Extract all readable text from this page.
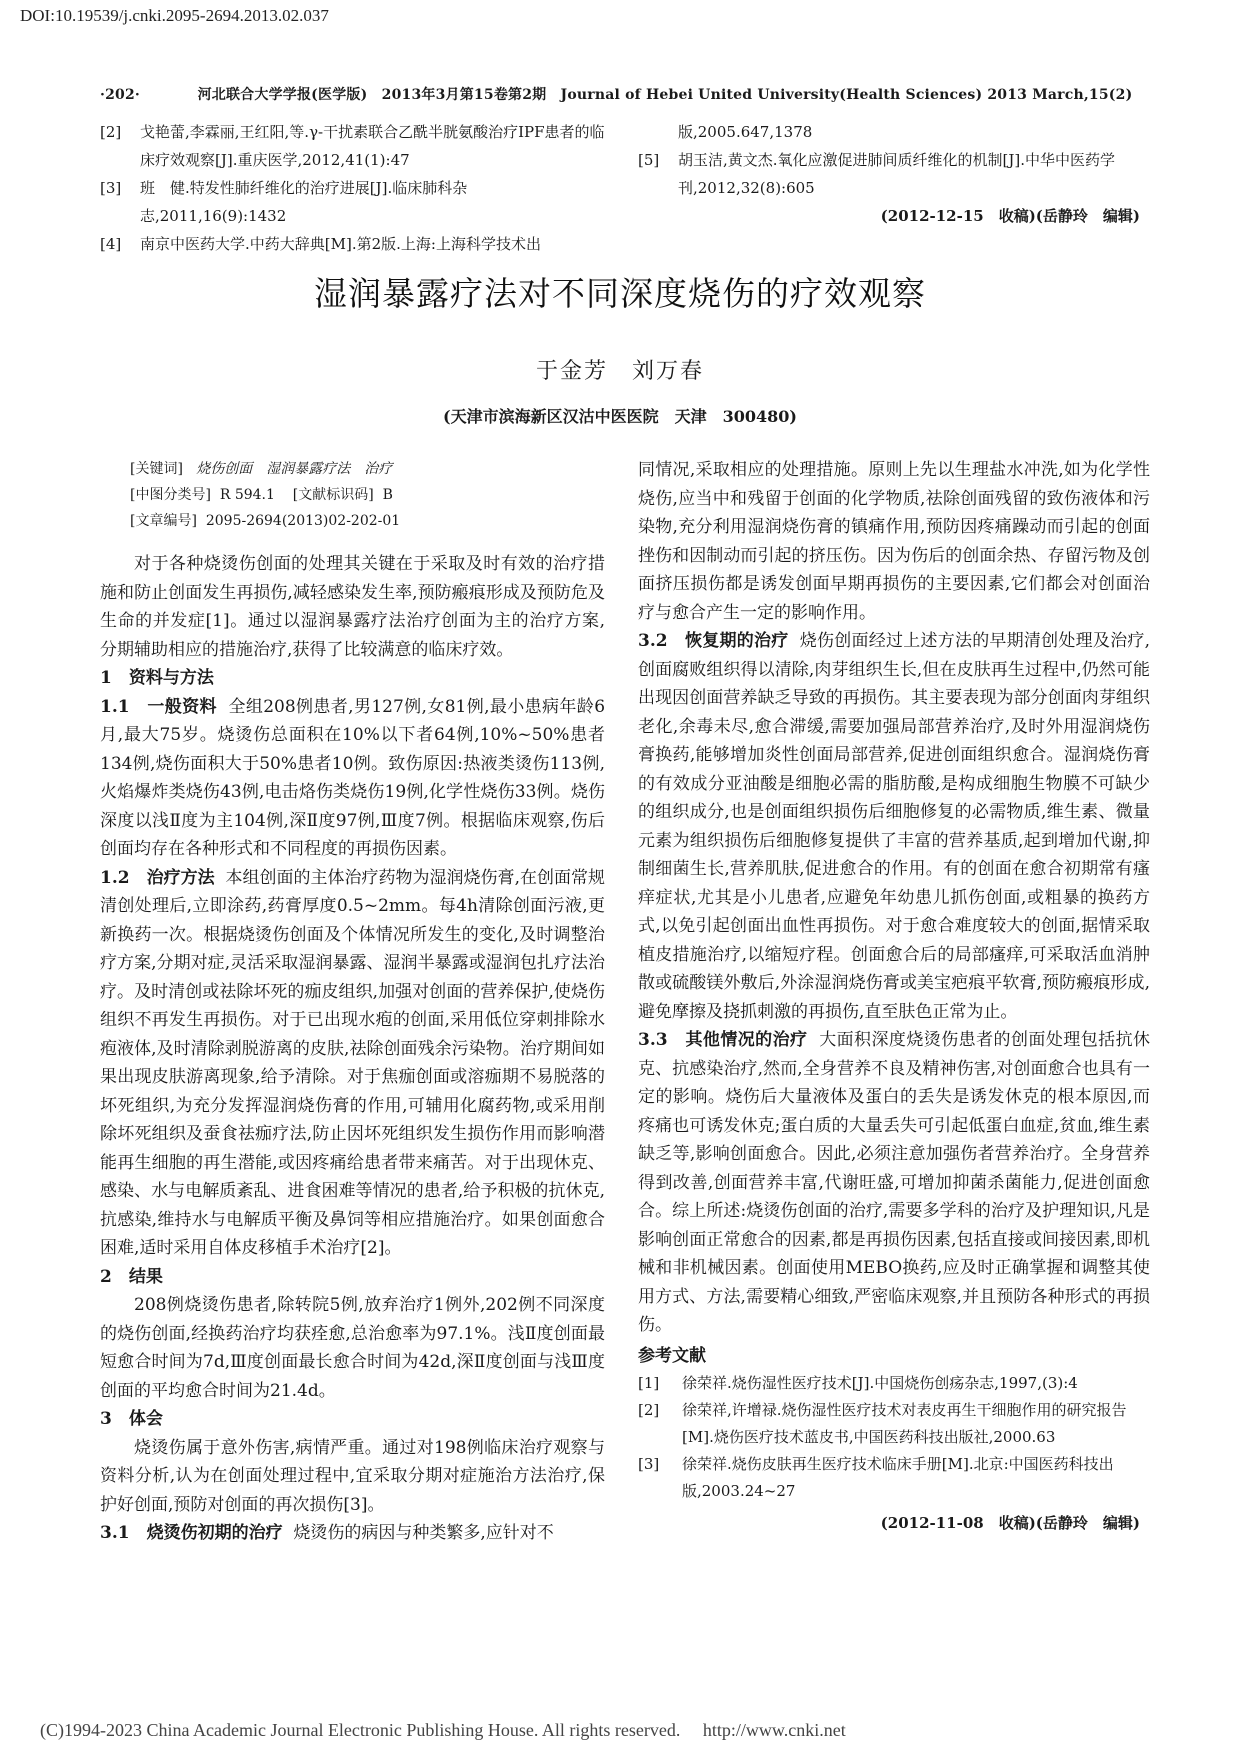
DOI:10.19539/j.cnki.2095-2694.2013.02.037
·202·	河北联合大学学报(医学版)　2013年3月第15卷第2期　Journal of Hebei United University(Health Sciences) 2013 March,15(2)
[2]	戈艳蕾,李霖丽,王红阳,等.γ-干扰素联合乙酰半胱氨酸治疗IPF患者的临床疗效观察[J].重庆医学,2012,41(1):47
[3]	班　健.特发性肺纤维化的治疗进展[J].临床肺科杂志,2011,16(9):1432
[4]	南京中医药大学.中药大辞典[M].第2版.上海:上海科学技术出
版,2005.647,1378
[5]	胡玉洁,黄文杰.氧化应激促进肺间质纤维化的机制[J].中华中医药学刊,2012,32(8):605
(2012-12-15　收稿)(岳静玲　编辑)
湿润暴露疗法对不同深度烧伤的疗效观察
于金芳　刘万春
(天津市滨海新区汉沽中医医院　天津　300480)
[关键词] 烧伤创面　湿润暴露疗法　治疗
[中图分类号] R 594.1 [文献标识码] B
[文章编号] 2095-2694(2013)02-202-01

对于各种烧烫伤创面的处理其关键在于采取及时有效的治疗措施和防止创面发生再损伤,减轻感染发生率,预防瘢痕形成及预防危及生命的并发症[1]。通过以湿润暴露疗法治疗创面为主的治疗方案,分期辅助相应的措施治疗,获得了比较满意的临床疗效。

1　资料与方法

1.1　一般资料 全组208例患者,男127例,女81例,最小患病年龄6月,最大75岁。烧烫伤总面积在10%以下者64例,10%~50%患者134例,烧伤面积大于50%患者10例。致伤原因:热液类烫伤113例,火焰爆炸类烧伤43例,电击烙伤类烧伤19例,化学性烧伤33例。烧伤深度以浅Ⅱ度为主104例,深Ⅱ度97例,Ⅲ度7例。根据临床观察,伤后创面均存在各种形式和不同程度的再损伤因素。

1.2　治疗方法 本组创面的主体治疗药物为湿润烧伤膏,在创面常规清创处理后,立即涂药,药膏厚度0.5~2mm。每4h清除创面污液,更新换药一次。根据烧烫伤创面及个体情况所发生的变化,及时调整治疗方案,分期对症,灵活采取湿润暴露、湿润半暴露或湿润包扎疗法治疗。及时清创或祛除坏死的痂皮组织,加强对创面的营养保护,使烧伤组织不再发生再损伤。对于已出现水疱的创面,采用低位穿刺排除水疱液体,及时清除剥脱游离的皮肤,祛除创面残余污染物。治疗期间如果出现皮肤游离现象,给予清除。对于焦痂创面或溶痂期不易脱落的坏死组织,为充分发挥湿润烧伤膏的作用,可辅用化腐药物,或采用削除坏死组织及蚕食祛痂疗法,防止因坏死组织发生损伤作用而影响潜能再生细胞的再生潜能,或因疼痛给患者带来痛苦。对于出现休克、感染、水与电解质紊乱、进食困难等情况的患者,给予积极的抗休克,抗感染,维持水与电解质平衡及鼻饲等相应措施治疗。如果创面愈合困难,适时采用自体皮移植手术治疗[2]。

2　结果

208例烧烫伤患者,除转院5例,放弃治疗1例外,202例不同深度的烧伤创面,经换药治疗均获痊愈,总治愈率为97.1%。浅Ⅱ度创面最短愈合时间为7d,Ⅲ度创面最长愈合时间为42d,深Ⅱ度创面与浅Ⅲ度创面的平均愈合时间为21.4d。

3　体会

烧烫伤属于意外伤害,病情严重。通过对198例临床治疗观察与资料分析,认为在创面处理过程中,宜采取分期对症施治方法治疗,保护好创面,预防对创面的再次损伤[3]。

3.1　烧烫伤初期的治疗 烧烫伤的病因与种类繁多,应针对不

同情况,采取相应的处理措施。原则上先以生理盐水冲洗,如为化学性烧伤,应当中和残留于创面的化学物质,祛除创面残留的致伤液体和污染物,充分利用湿润烧伤膏的镇痛作用,预防因疼痛躁动而引起的创面挫伤和因制动而引起的挤压伤。因为伤后的创面余热、存留污物及创面挤压损伤都是诱发创面早期再损伤的主要因素,它们都会对创面治疗与愈合产生一定的影响作用。

3.2　恢复期的治疗 烧伤创面经过上述方法的早期清创处理及治疗,创面腐败组织得以清除,肉芽组织生长,但在皮肤再生过程中,仍然可能出现因创面营养缺乏导致的再损伤。其主要表现为部分创面肉芽组织老化,余毒未尽,愈合滞缓,需要加强局部营养治疗,及时外用湿润烧伤膏换药,能够增加炎性创面局部营养,促进创面组织愈合。湿润烧伤膏的有效成分亚油酸是细胞必需的脂肪酸,是构成细胞生物膜不可缺少的组织成分,也是创面组织损伤后细胞修复的必需物质,维生素、微量元素为组织损伤后细胞修复提供了丰富的营养基质,起到增加代谢,抑制细菌生长,营养肌肤,促进愈合的作用。有的创面在愈合初期常有瘙痒症状,尤其是小儿患者,应避免年幼患儿抓伤创面,或粗暴的换药方式,以免引起创面出血性再损伤。对于愈合难度较大的创面,据情采取植皮措施治疗,以缩短疗程。创面愈合后的局部瘙痒,可采取活血消肿散或硫酸镁外敷后,外涂湿润烧伤膏或美宝疤痕平软膏,预防瘢痕形成,避免摩擦及挠抓刺激的再损伤,直至肤色正常为止。

3.3　其他情况的治疗 大面积深度烧烫伤患者的创面处理包括抗休克、抗感染治疗,然而,全身营养不良及精神伤害,对创面愈合也具有一定的影响。烧伤后大量液体及蛋白的丢失是诱发休克的根本原因,而疼痛也可诱发休克;蛋白质的大量丢失可引起低蛋白血症,贫血,维生素缺乏等,影响创面愈合。因此,必须注意加强伤者营养治疗。全身营养得到改善,创面营养丰富,代谢旺盛,可增加抑菌杀菌能力,促进创面愈合。综上所述:烧烫伤创面的治疗,需要多学科的治疗及护理知识,凡是影响创面正常愈合的因素,都是再损伤因素,包括直接或间接因素,即机械和非机械因素。创面使用MEBO换药,应及时正确掌握和调整其使用方式、方法,需要精心细致,严密临床观察,并且预防各种形式的再损伤。

参考文献
[1]	徐荣祥.烧伤湿性医疗技术[J].中国烧伤创疡杂志,1997,(3):4
[2]	徐荣祥,许增禄.烧伤湿性医疗技术对表皮再生干细胞作用的研究报告[M].烧伤医疗技术蓝皮书,中国医药科技出版社,2000.63
[3]	徐荣祥.烧伤皮肤再生医疗技术临床手册[M].北京:中国医药科技出版,2003.24~27
(2012-11-08　收稿)(岳静玲　编辑)
(C)1994-2023 China Academic Journal Electronic Publishing House. All rights reserved.　 http://www.cnki.net
